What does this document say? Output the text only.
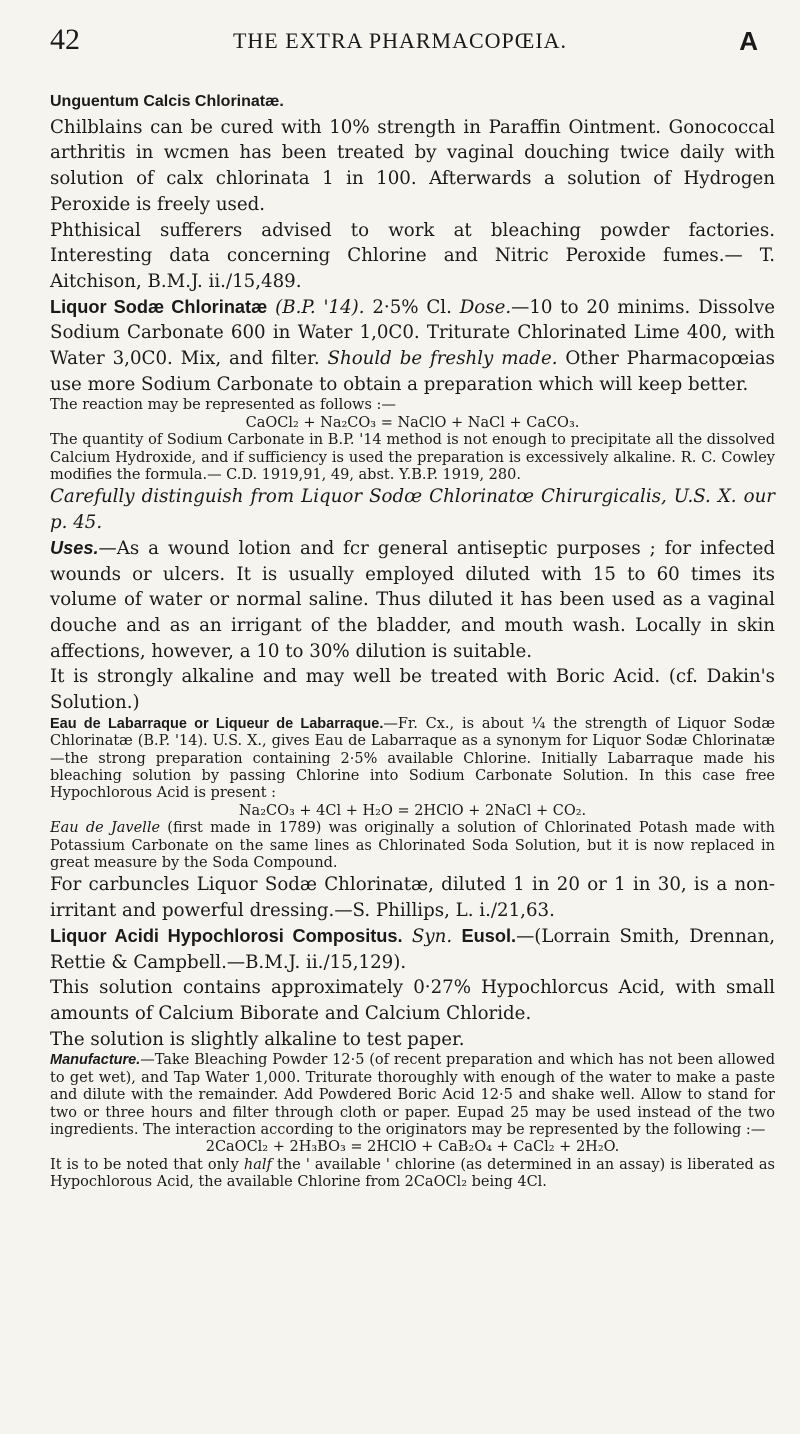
42	THE EXTRA PHARMACOPŒIA.	A

Unguentum Calcis Chlorinatæ.

Chilblains can be cured with 10% strength in Paraffin Ointment. Gonococcal arthritis in wcmen has been treated by vaginal douching twice daily with solution of calx chlorinata 1 in 100. Afterwards a solution of Hydrogen Peroxide is freely used.

Phthisical sufferers advised to work at bleaching powder factories. Interesting data concerning Chlorine and Nitric Peroxide fumes.— T. Aitchison, B.M.J. ii./15,489.

Liquor Sodæ Chlorinatæ (B.P. '14). 2·5% Cl. Dose.—10 to 20 minims. Dissolve Sodium Carbonate 600 in Water 1,0C0. Triturate Chlorinated Lime 400, with Water 3,0C0. Mix, and filter. Should be freshly made. Other Pharmacopœias use more Sodium Carbonate to obtain a preparation which will keep better.

The reaction may be represented as follows :—

CaOCl₂ + Na₂CO₃ = NaClO + NaCl + CaCO₃.

The quantity of Sodium Carbonate in B.P. '14 method is not enough to precipitate all the dissolved Calcium Hydroxide, and if sufficiency is used the preparation is excessively alkaline. R. C. Cowley modifies the formula.— C.D. 1919,91, 49, abst. Y.B.P. 1919, 280.

Carefully distinguish from Liquor Sodœ Chlorinatœ Chirurgicalis, U.S. X. our p. 45.

Uses.—As a wound lotion and fcr general antiseptic purposes ; for infected wounds or ulcers. It is usually employed diluted with 15 to 60 times its volume of water or normal saline. Thus diluted it has been used as a vaginal douche and as an irrigant of the bladder, and mouth wash. Locally in skin affections, however, a 10 to 30% dilution is suitable.

It is strongly alkaline and may well be treated with Boric Acid. (cf. Dakin's Solution.)

Eau de Labarraque or Liqueur de Labarraque.—Fr. Cx., is about ¼ the strength of Liquor Sodæ Chlorinatæ (B.P. '14). U.S. X., gives Eau de Labarraque as a synonym for Liquor Sodæ Chlorinatæ—the strong preparation containing 2·5% available Chlorine. Initially Labarraque made his bleaching solution by passing Chlorine into Sodium Carbonate Solution. In this case free Hypochlorous Acid is present :

Na₂CO₃ + 4Cl + H₂O = 2HClO + 2NaCl + CO₂.

Eau de Javelle (first made in 1789) was originally a solution of Chlorinated Potash made with Potassium Carbonate on the same lines as Chlorinated Soda Solution, but it is now replaced in great measure by the Soda Compound.

For carbuncles Liquor Sodæ Chlorinatæ, diluted 1 in 20 or 1 in 30, is a non-irritant and powerful dressing.—S. Phillips, L. i./21,63.

Liquor Acidi Hypochlorosi Compositus. Syn. Eusol.—(Lorrain Smith, Drennan, Rettie & Campbell.—B.M.J. ii./15,129).

This solution contains approximately 0·27% Hypochlorcus Acid, with small amounts of Calcium Biborate and Calcium Chloride.

The solution is slightly alkaline to test paper.

Manufacture.—Take Bleaching Powder 12·5 (of recent preparation and which has not been allowed to get wet), and Tap Water 1,000. Triturate thoroughly with enough of the water to make a paste and dilute with the remainder. Add Powdered Boric Acid 12·5 and shake well. Allow to stand for two or three hours and filter through cloth or paper. Eupad 25 may be used instead of the two ingredients. The interaction according to the originators may be represented by the following :—

2CaOCl₂ + 2H₃BO₃ = 2HClO + CaB₂O₄ + CaCl₂ + 2H₂O.

It is to be noted that only half the ' available ' chlorine (as determined in an assay) is liberated as Hypochlorous Acid, the available Chlorine from 2CaOCl₂ being 4Cl.
